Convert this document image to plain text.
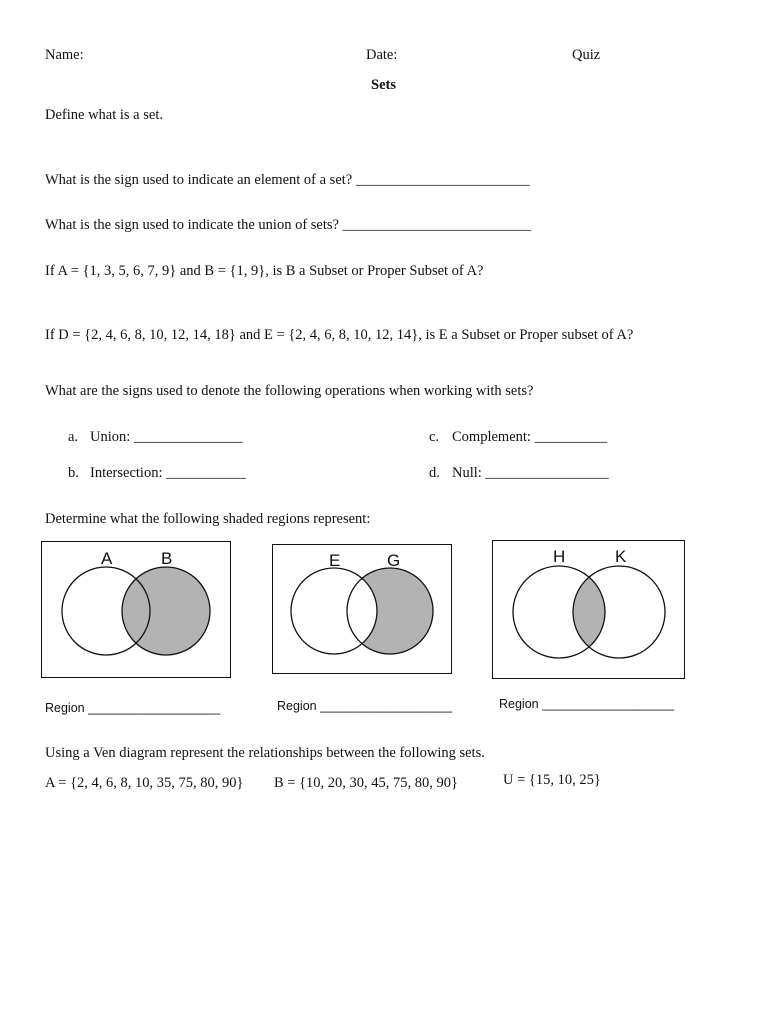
Name:	Date:	Quiz
Sets
Define what is a set.
What is the sign used to indicate an element of a set? ________________________
What is the sign used to indicate the union of sets? __________________________
If A = {1, 3, 5, 6, 7, 9} and B = {1, 9}, is B a Subset or Proper Subset of A?
If D = {2, 4, 6, 8, 10, 12, 14, 18} and E = {2, 4, 6, 8, 10, 12, 14}, is E a Subset or Proper subset of A?
What are the signs used to denote the following operations when working with sets?
a. Union: _______________
b. Intersection: ___________
c. Complement: __________
d. Null: _________________
Determine what the following shaded regions represent:
A	B	E	G	H	K
Region ___________________	Region ___________________	Region ___________________
Using a Ven diagram represent the relationships between the following sets.
A = {2, 4, 6, 8, 10, 35, 75, 80, 90} B = {10, 20, 30, 45, 75, 80, 90}	U = {15, 10, 25}
